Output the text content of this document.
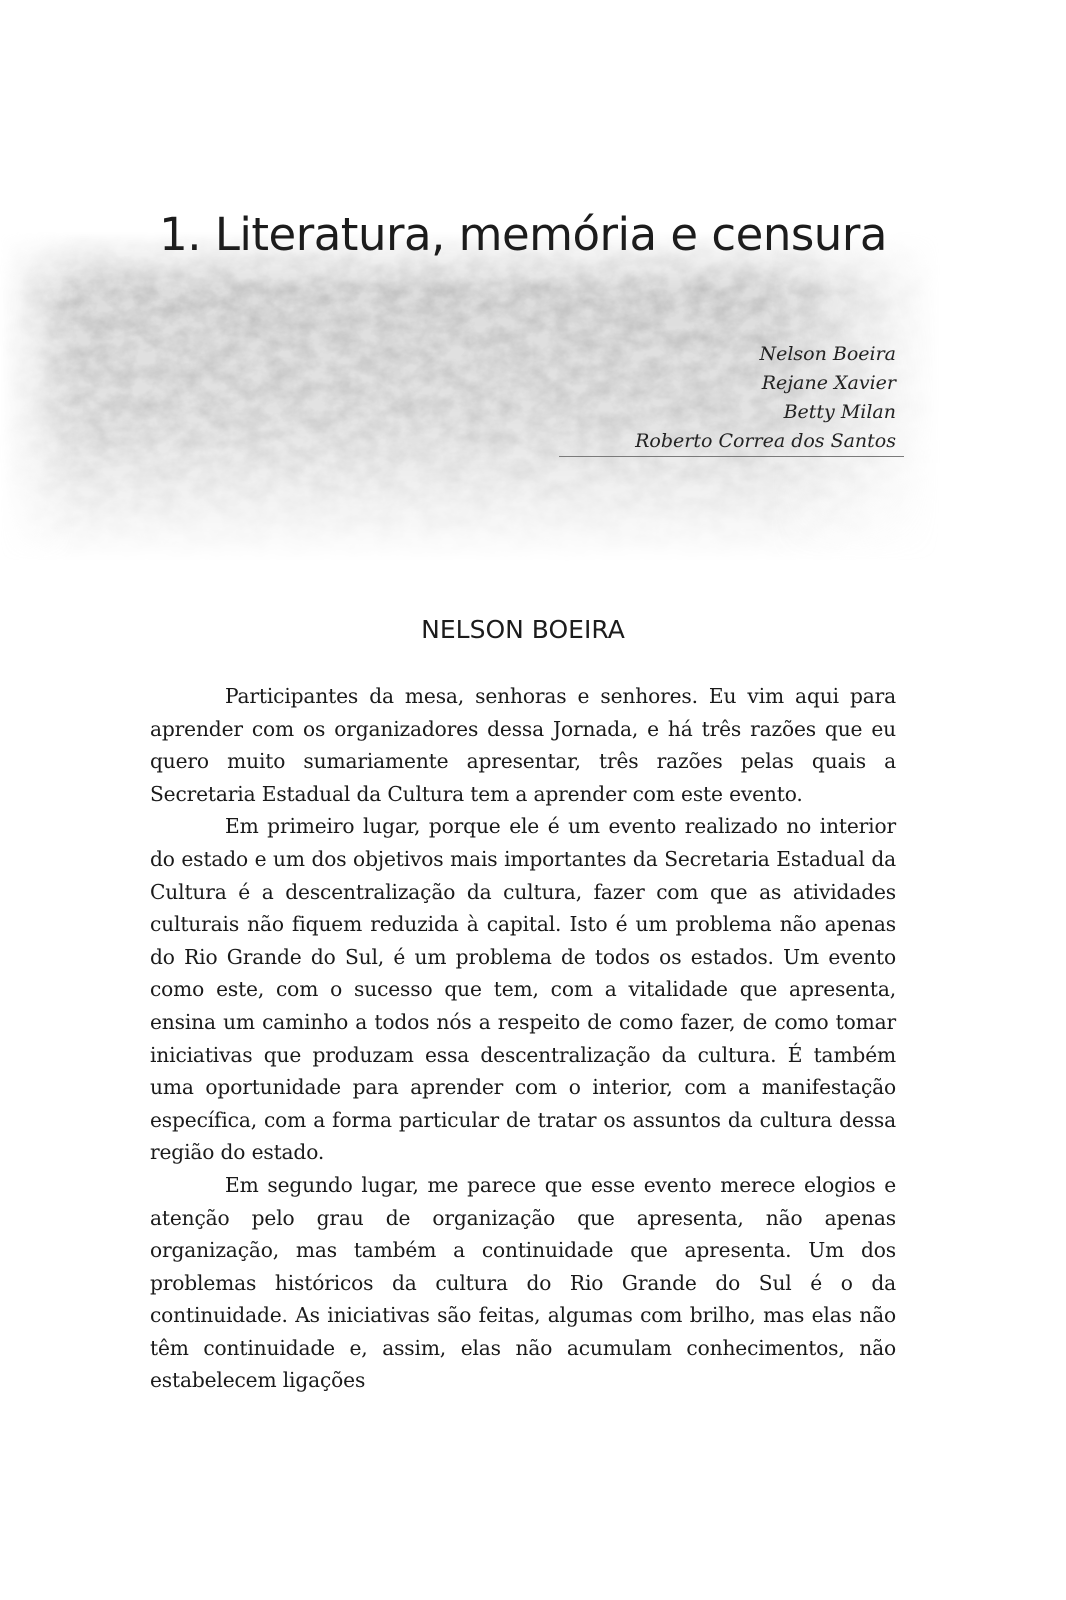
1. Literatura, memória e censura
Nelson Boeira
Rejane Xavier
Betty Milan
Roberto Correa dos Santos
NELSON BOEIRA

Participantes da mesa, senhoras e senhores. Eu vim aqui para aprender com os organizadores dessa Jornada, e há três razões que eu quero muito sumariamente apresentar, três razões pelas quais a Secretaria Estadual da Cultura tem a aprender com este evento.

Em primeiro lugar, porque ele é um evento realizado no interior do estado e um dos objetivos mais importantes da Secretaria Estadual da Cultura é a descentralização da cultura, fazer com que as atividades culturais não fiquem reduzida à capital. Isto é um problema não apenas do Rio Grande do Sul, é um problema de todos os estados. Um evento como este, com o sucesso que tem, com a vitalidade que apresenta, ensina um caminho a todos nós a respeito de como fazer, de como tomar iniciativas que produzam essa descentralização da cultura. É também uma oportunidade para aprender com o interior, com a manifestação específica, com a forma particular de tratar os assuntos da cultura dessa região do estado.

Em segundo lugar, me parece que esse evento merece elogios e atenção pelo grau de organização que apresenta, não apenas organização, mas também a continuidade que apresenta. Um dos problemas históricos da cultura do Rio Grande do Sul é o da continuidade. As iniciativas são feitas, algumas com brilho, mas elas não têm continuidade e, assim, elas não acumulam conhecimentos, não estabelecem ligações
